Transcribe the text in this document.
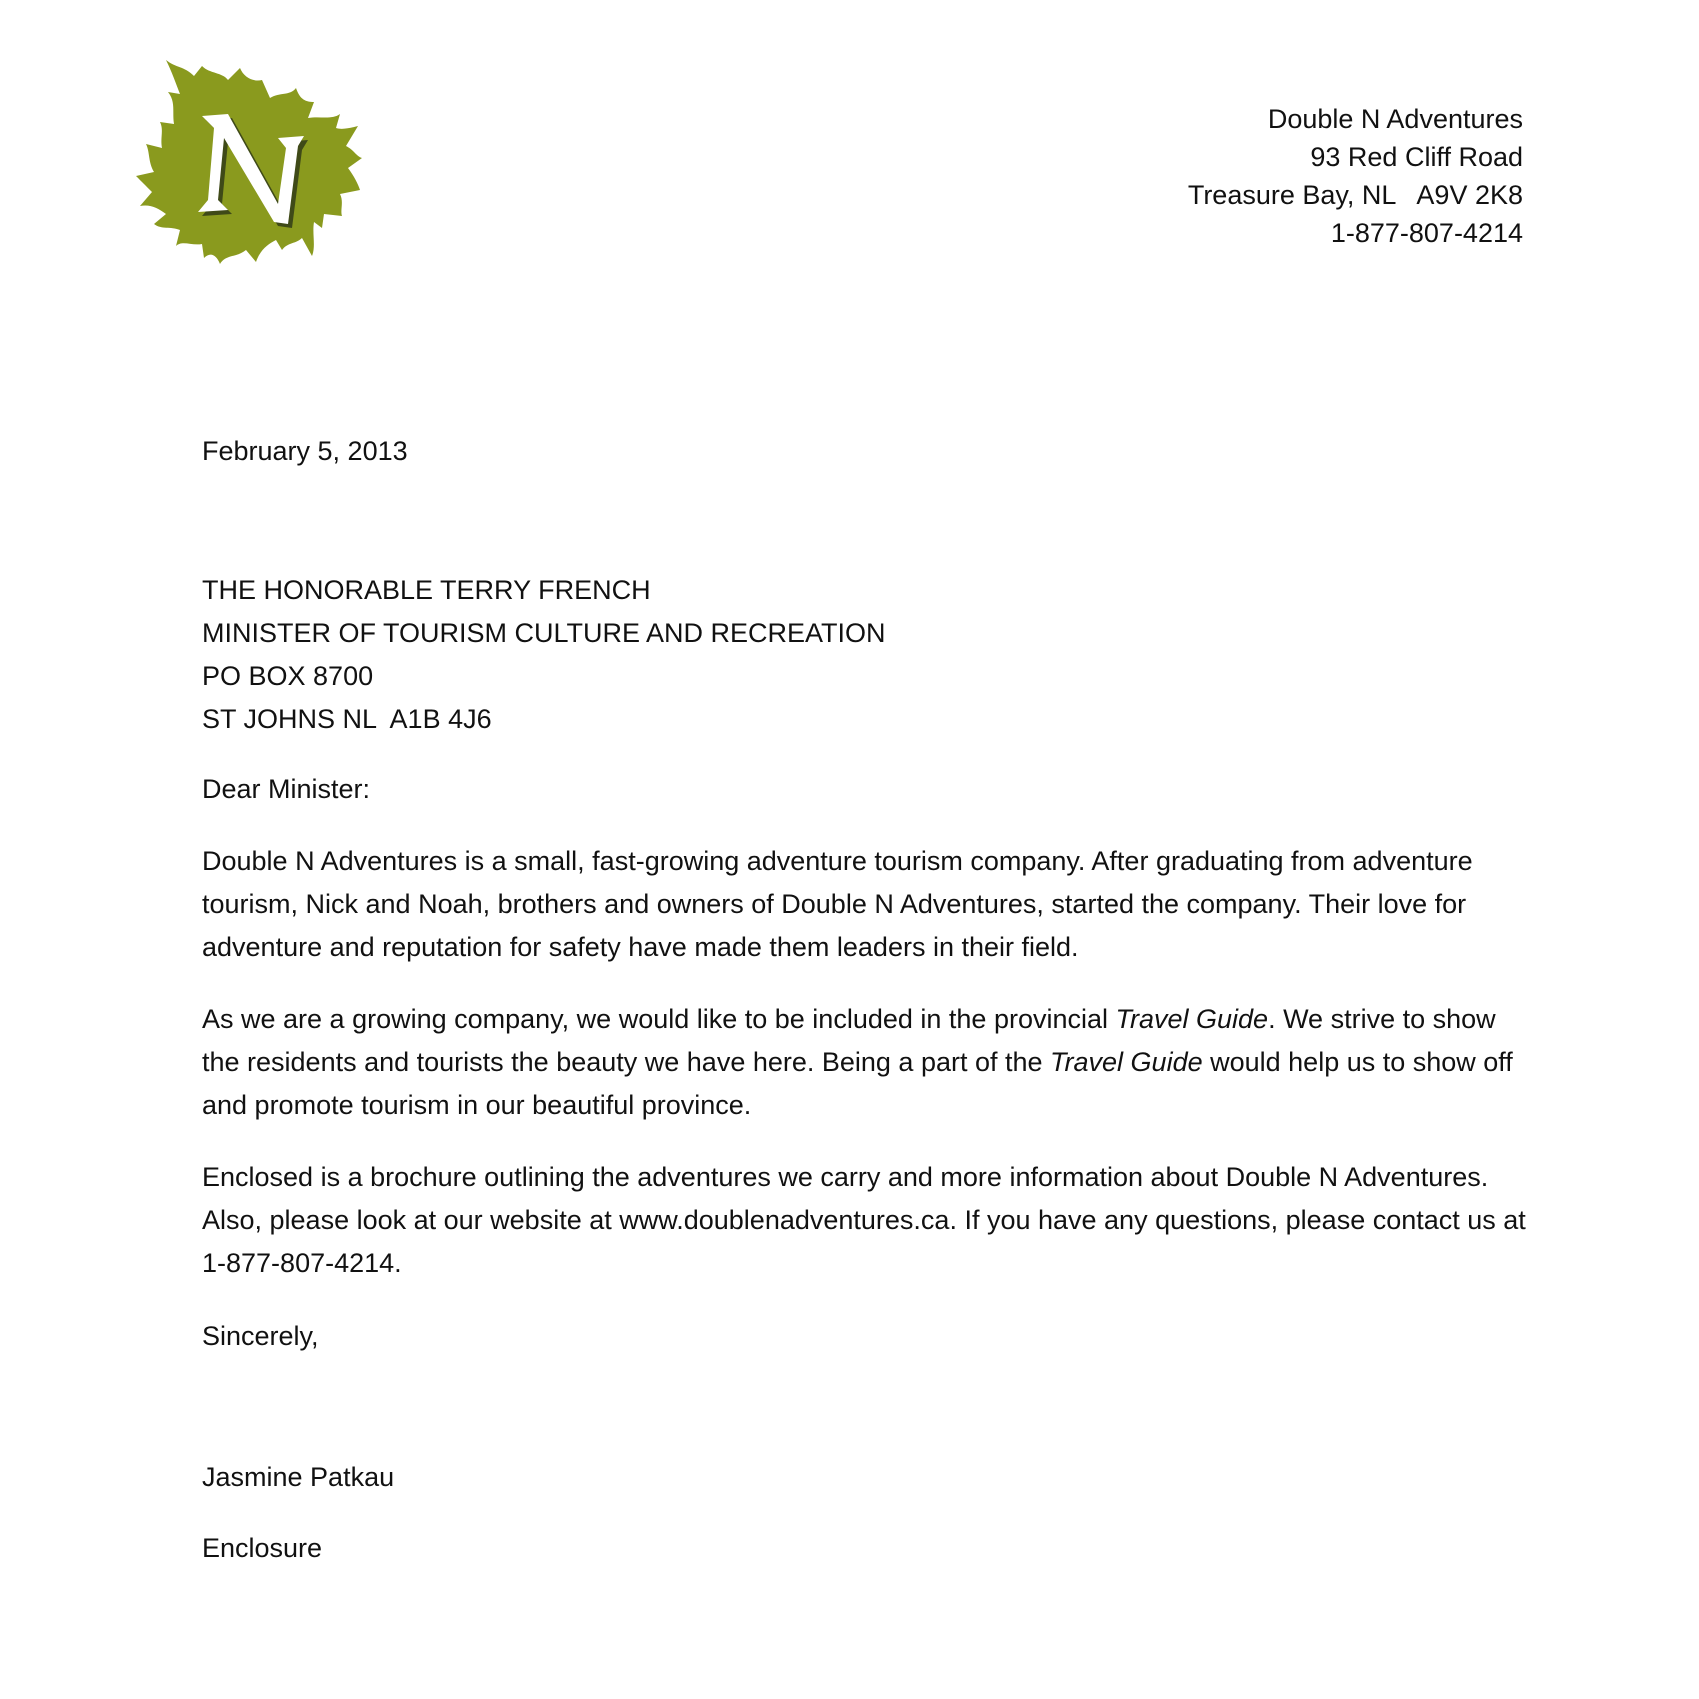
Double N Adventures
93 Red Cliff Road
Treasure Bay, NL   A9V 2K8
1-877-807-4214
February 5, 2013
THE HONORABLE TERRY FRENCH
MINISTER OF TOURISM CULTURE AND RECREATION
PO BOX 8700
ST JOHNS NL  A1B 4J6
Dear Minister:

Double N Adventures is a small, fast-growing adventure tourism company. After graduating from adventure tourism, Nick and Noah, brothers and owners of Double N Adventures, started the company. Their love for adventure and reputation for safety have made them leaders in their field.

As we are a growing company, we would like to be included in the provincial Travel Guide. We strive to show the residents and tourists the beauty we have here. Being a part of the Travel Guide would help us to show off and promote tourism in our beautiful province.

Enclosed is a brochure outlining the adventures we carry and more information about Double N Adventures. Also, please look at our website at www.doublenadventures.ca. If you have any questions, please contact us at 1-877-807-4214.

Sincerely,
Jasmine Patkau
Enclosure
